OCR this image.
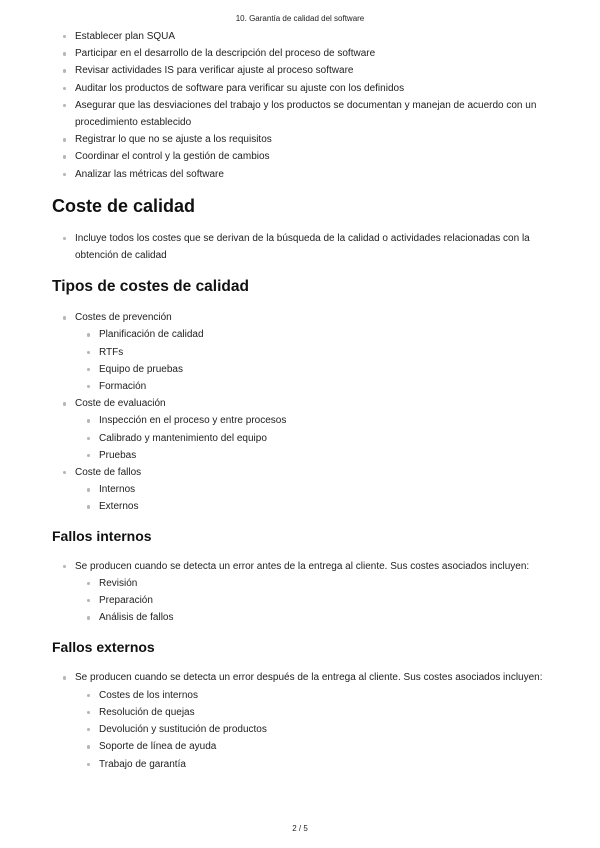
10. Garantía de calidad del software
Establecer plan SQUA
Participar en el desarrollo de la descripción del proceso de software
Revisar actividades IS para verificar ajuste al proceso software
Auditar los productos de software para verificar su ajuste con los definidos
Asegurar que las desviaciones del trabajo y los productos se documentan y manejan de acuerdo con un procedimiento establecido
Registrar lo que no se ajuste a los requisitos
Coordinar el control y la gestión de cambios
Analizar las métricas del software
Coste de calidad
Incluye todos los costes que se derivan de la búsqueda de la calidad o actividades relacionadas con la obtención de calidad
Tipos de costes de calidad
Costes de prevención
Planificación de calidad
RTFs
Equipo de pruebas
Formación
Coste de evaluación
Inspección en el proceso y entre procesos
Calibrado y mantenimiento del equipo
Pruebas
Coste de fallos
Internos
Externos
Fallos internos
Se producen cuando se detecta un error antes de la entrega al cliente. Sus costes asociados incluyen:
Revisión
Preparación
Análisis de fallos
Fallos externos
Se producen cuando se detecta un error después de la entrega al cliente. Sus costes asociados incluyen:
Costes de los internos
Resolución de quejas
Devolución y sustitución de productos
Soporte de línea de ayuda
Trabajo de garantía
2 / 5
